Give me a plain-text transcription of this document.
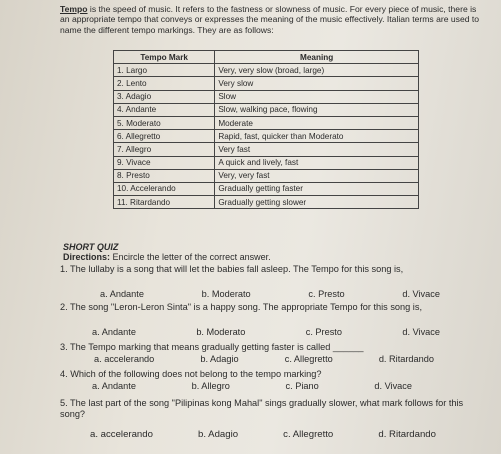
Tempo is the speed of music. It refers to the fastness or slowness of music. For every piece of music, there is an appropriate tempo that conveys or expresses the meaning of the music effectively. Italian terms are used to name the different tempo markings. They are as follows:
Tempo Mark	Meaning
1. Largo	Very, very slow (broad, large)
2. Lento	Very slow
3. Adagio	Slow
4. Andante	Slow, walking pace, flowing
5. Moderato	Moderate
6. Allegretto	Rapid, fast, quicker than Moderato
7. Allegro	Very fast
9. Vivace	A quick and lively, fast
8. Presto	Very, very fast
10. Accelerando	Gradually getting faster
11. Ritardando	Gradually getting slower
SHORT QUIZ
Directions: Encircle the letter of the correct answer.
1. The lullaby is a song that will let the babies fall asleep. The Tempo for this song is,
a. Andante	b. Moderato	c. Presto	d. Vivace
2. The song "Leron-Leron Sinta" is a happy song. The appropriate Tempo for this song is,
a. Andante	b. Moderato	c. Presto	d. Vivace
3. The Tempo marking that means gradually getting faster is called ______
a. accelerando	b. Adagio	c. Allegretto	d. Ritardando
4. Which of the following does not belong to the tempo marking?
a. Andante	b. Allegro	c. Piano	d. Vivace
5. The last part of the song "Pilipinas kong Mahal" sings gradually slower, what mark follows for this song?
a. accelerando	b. Adagio	c. Allegretto	d. Ritardando
